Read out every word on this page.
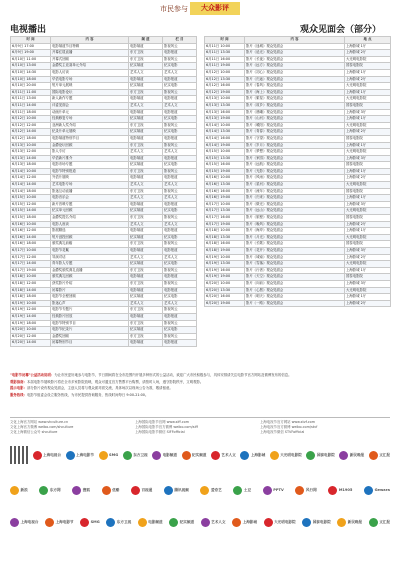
市民参与	大众影评
电视播出	观众见面会（部分）
时 间	内 容	频 道	栏 目
6月9日 17:00	电影频道节目特辑	电影频道	影视风云
6月9日 19:00	开幕红毯直播	东方卫视	电影报道
6月10日 11:00	开幕式回顾	东方卫视	影视风云
6月10日 13:00	金爵奖主竞赛单元介绍	纪实频道	纪实电影
6月10日 14:30	电影人访谈	艺术人文	艺术人文
6月10日 18:00	华语电影专场	电影频道	电影报道
6月10日 20:00	短片单元展映	纪实频道	纪实电影
6月11日 11:00	国际电影论坛	东方卫视	影视风云
6月11日 13:00	新人新作专题	电影频道	电影报道
6月11日 14:00	评委见面会	艺术人文	艺术人文
6月11日 18:00	动画片单元	电影频道	电影报道
6月12日 10:00	经典修复专场	纪实频道	纪实电影
6月12日 12:00	亚洲新人奖介绍	东方卫视	影视风云
6月12日 14:00	纪录片单元展映	纪实频道	纪实电影
6月12日 18:00	电影频道特别节目	电影频道	电影报道
6月13日 10:00	金爵论坛回顾	东方卫视	影视风云
6月13日 12:00	影人专访	艺术人文	艺术人文
6月13日 14:00	华语新片推介	电影频道	电影报道
6月13日 18:00	电影市场专题	纪实频道	纪实电影
6月14日 10:00	电影节特别报道	东方卫视	影视风云
6月14日 12:00	外语片展映	电影频道	电影报道
6月14日 14:00	艺术电影专场	艺术人文	艺术人文
6月14日 18:00	影迷互动直播	东方卫视	影视风云
6月15日 10:00	电影音乐会	艺术人文	艺术人文
6月15日 12:00	新片首映专题	电影频道	电影报道
6月15日 14:00	纪实单元回顾	纪实频道	纪实电影
6月15日 18:00	金爵奖提名介绍	东方卫视	影视风云
6月16日 10:00	电影人座谈	艺术人文	艺术人文
6月16日 12:00	影展精选	电影频道	电影报道
6月16日 14:00	短片创投回顾	纪实频道	纪实电影
6月16日 18:00	颁奖典礼前瞻	东方卫视	影视风云
6月17日 10:00	电影节花絮	电影频道	电影报道
6月17日 12:00	导演对话	艺术人文	艺术人文
6月17日 14:00	青年影人专题	纪实频道	纪实电影
6月17日 19:00	金爵奖颁奖典礼直播	东方卫视	影视风云
6月18日 10:00	颁奖典礼回顾	电影频道	电影报道
6月18日 12:00	获奖影片介绍	东方卫视	影视风云
6月18日 14:00	闭幕影片	电影频道	电影报道
6月18日 18:00	电影节全程回顾	纪实频道	纪实电影
6月19日 10:00	影迷心声	艺术人文	艺术人文
6月19日 12:00	电影节专题片	东方卫视	影视风云
6月19日 14:00	经典影片回放	电影频道	电影报道
6月19日 18:00	电影节特别节目	东方卫视	影视风云
6月20日 10:00	电影节纪录片	纪实频道	纪实电影
6月20日 12:00	金爵奖回顾	东方卫视	影视风云
6月20日 14:00	闭幕特别节目	电影频道	电影报道
时 间	内 容	地 点
6月11日 10:00	影片《迷城》观众见面会	上海影城 1厅
6月11日 13:30	影片《追光》观众见面会	上海影城 2厅
6月11日 16:00	影片《长夜》观众见面会	大光明电影院
6月11日 19:00	影片《远方》观众见面会	国泰电影院
6月12日 10:00	影片《初心》观众见面会	上海影城 1厅
6月12日 13:30	影片《归途》观众见面会	上海影城 2厅
6月12日 16:00	影片《春风》观众见面会	大光明电影院
6月12日 19:00	影片《海上》观众见面会	上海影城 1厅
6月13日 10:00	影片《繁星》观众见面会	大光明电影院
6月13日 13:30	影片《故乡》观众见面会	国泰电影院
6月13日 16:00	影片《晨曦》观众见面会	上海影城 3厅
6月13日 19:00	影片《山河》观众见面会	上海影城 1厅
6月14日 10:00	影片《暖阳》观众见面会	大光明电影院
6月14日 13:30	影片《青春》观众见面会	上海影城 2厅
6月14日 16:00	影片《守望》观众见面会	国泰电影院
6月14日 19:00	影片《岁月》观众见面会	上海影城 1厅
6月15日 10:00	影片《梦想》观众见面会	大光明电影院
6月15日 13:30	影片《家园》观众见面会	上海影城 3厅
6月15日 16:00	影片《远航》观众见面会	国泰电影院
6月15日 19:00	影片《光影》观众见面会	上海影城 1厅
6月16日 10:00	影片《风雨》观众见面会	上海影城 2厅
6月16日 13:30	影片《星河》观众见面会	大光明电影院
6月16日 16:00	影片《流年》观众见面会	国泰电影院
6月16日 19:00	影片《归来》观众见面会	上海影城 1厅
6月17日 10:00	影片《微光》观众见面会	上海影城 3厅
6月17日 13:30	影片《远山》观众见面会	大光明电影院
6月17日 16:00	影片《旅程》观众见面会	国泰电影院
6月17日 19:00	影片《晚风》观众见面会	上海影城 2厅
6月18日 10:00	影片《海岸》观众见面会	上海影城 1厅
6月18日 13:30	影片《月光》观众见面会	大光明电影院
6月18日 16:00	影片《长歌》观众见面会	国泰电影院
6月18日 19:00	影片《花开》观众见面会	上海影城 3厅
6月19日 10:00	影片《城南》观众见面会	上海影城 2厅
6月19日 13:30	影片《雪落》观众见面会	大光明电影院
6月19日 16:00	影片《行者》观众见面会	上海影城 1厅
6月19日 19:00	影片《天空》观众见面会	国泰电影院
6月20日 10:00	影片《向前》观众见面会	上海影城 3厅
6月20日 13:30	影片《心愿》观众见面会	大光明电影院
6月20日 16:00	影片《明天》观众见面会	上海影城 1厅
6月20日 19:00	影片《一路》观众见面会	上海影城 2厅

"电影节闭幕"公益活动说明：为让市民更好地参与电影节，节日期间将在全市范围内开展多种形式的公益活动，欢迎广大市民积极参与，具体安排请关注电影节官方网站及微博发布的信息。

观影指南：本届电影节展映影片将在全市多家影院放映，观众可通过官方售票平台购票，请按时入场，遵守影院秩序，文明观影。

提示电影：部分影片设有观众见面会，主创人员将与观众面对面交流，具体场次以现场公告为准，敬请留意。

服务热线：电影节组委会设立服务热线，为市民提供咨询服务，热线时间每日 9:00-21:00。

文化上海官方网站 www.shculture.cn
文化上海官方微博 weibo.com/shculture
文化上海微信公众号 shculture
上海国际电影节官网 www.siff.com
上海国际电影节官方微博 weibo.com/siff
上海国际电影节微信 SIFFofficial
上海电视节官方网站 www.stvf.com
上海电视节官方微博 weibo.com/stvf
上海电视节微信 STVFofficial
上海电视台	上海电影节	SMG	东方卫视	电影频道	纪实频道	艺术人文	上海影城	大光明电影院	国泰电影院	新民晚报	文汇报
新浪	东方网	搜狐	优酷	百视通	腾讯视频	爱奇艺	土豆	PPTV	风行网	M1905	Gewara
上海电视台	上海电影节	SMG	东方卫视	电影频道	纪实频道	艺术人文	上海影城	大光明电影院	国泰电影院	新民晚报	文汇报
